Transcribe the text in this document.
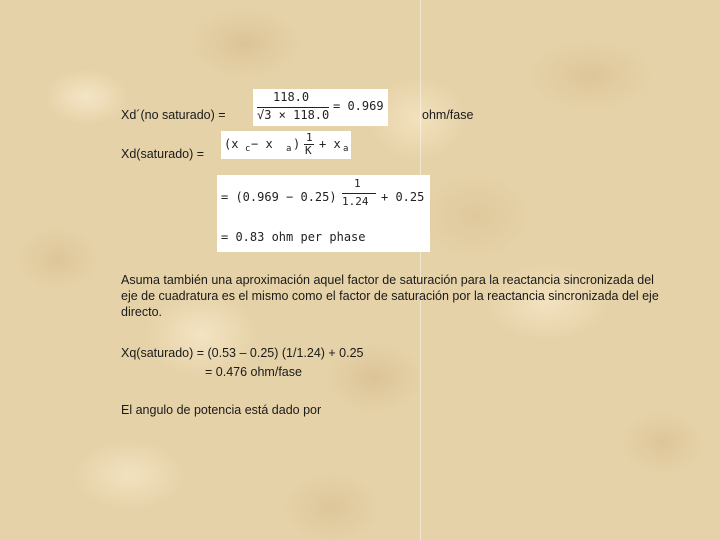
Xd´(no saturado) =
118.0
√3 × 118.0
= 0.969
ohm/fase
Xd(saturado) =
(x c − x a ) 1
K + x a
= (0.969 − 0.25)
1
1.24 + 0.25
= 0.83 ohm per phase
Asuma también una aproximación aquel factor de saturación para la reactancia sincronizada del eje de cuadratura es el mismo como el factor de saturación por la reactancia sincronizada del eje directo.
Xq(saturado) = (0.53 – 0.25) (1/1.24) + 0.25
= 0.476 ohm/fase
El angulo de potencia está dado por
